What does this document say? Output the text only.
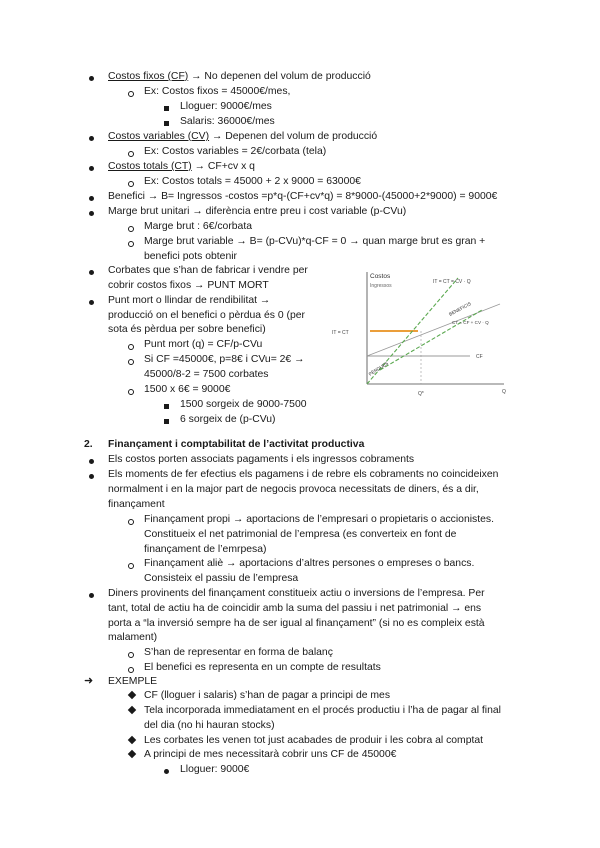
Costos fixos (CF) → No depenen del volum de producció
Ex: Costos fixos = 45000€/mes,
Lloguer: 9000€/mes
Salaris: 36000€/mes
Costos variables (CV) → Depenen del volum de producció
Ex: Costos variables = 2€/corbata (tela)
Costos totals (CT) → CF+cv x q
Ex: Costos totals = 45000 + 2 x 9000 = 63000€
Benefici → B= Ingressos -costos =p*q-(CF+cv*q) = 8*9000-(45000+2*9000) = 9000€
Marge brut unitari → diferència entre preu i cost variable (p-CVu)
Marge brut : 6€/corbata
Marge brut variable → B= (p-CVu)*q-CF = 0 → quan marge brut es gran +
benefici pots obtenir
Corbates que s’han de fabricar i vendre per
cobrir costos fixos → PUNT MORT
Punt mort o llindar de rendibilitat →
producció on el benefici o pèrdua és 0 (per
sota és pèrdua per sobre benefici)
Punt mort (q) = CF/p-CVu
Si CF =45000€, p=8€ i CVu= 2€ →
45000/8-2 = 7500 corbates
1500 x 6€ = 9000€
1500 sorgeix de 9000-7500
6 sorgeix de (p-CVu)
2. Finançament i comptabilitat de l’activitat productiva
Els costos porten associats pagaments i els ingressos cobraments
Els moments de fer efectius els pagamens i de rebre els cobraments no coincideixen
normalment i en la major part de negocis provoca necessitats de diners, és a dir,
finançament
Finançament propi → aportacions de l’empresari o propietaris o accionistes.
Constitueix el net patrimonial de l’empresa (es converteix en font de
finançament de l’emrpesa)
Finançament aliè → aportacions d’altres persones o empreses o bancs.
Consisteix el passiu de l’empresa
Diners provinents del finançament constitueix actiu o inversions de l’empresa. Per
tant, total de actiu ha de coincidir amb la suma del passiu i net patrimonial → ens
porta a “la inversió sempre ha de ser igual al finançament” (si no es compleix està
malament)
S’han de representar en forma de balanç
El benefici es representa en un compte de resultats
➜ EXEMPLE
CF (lloguer i salaris) s’han de pagar a principi de mes
Tela incorporada immediatament en el procés productiu i l’ha de pagar al final
del dia (no hi hauran stocks)
Les corbates les venen tot just acabades de produir i les cobra al comptat
A principi de mes necessitarà cobrir uns CF de 45000€
Lloguer: 9000€
Costos
Ingressos
IT = CT = CV · Q
CT = CF + CV · Q
BENEFICIS
PÈRDUES
CF
IT = CT
Q*	Q
